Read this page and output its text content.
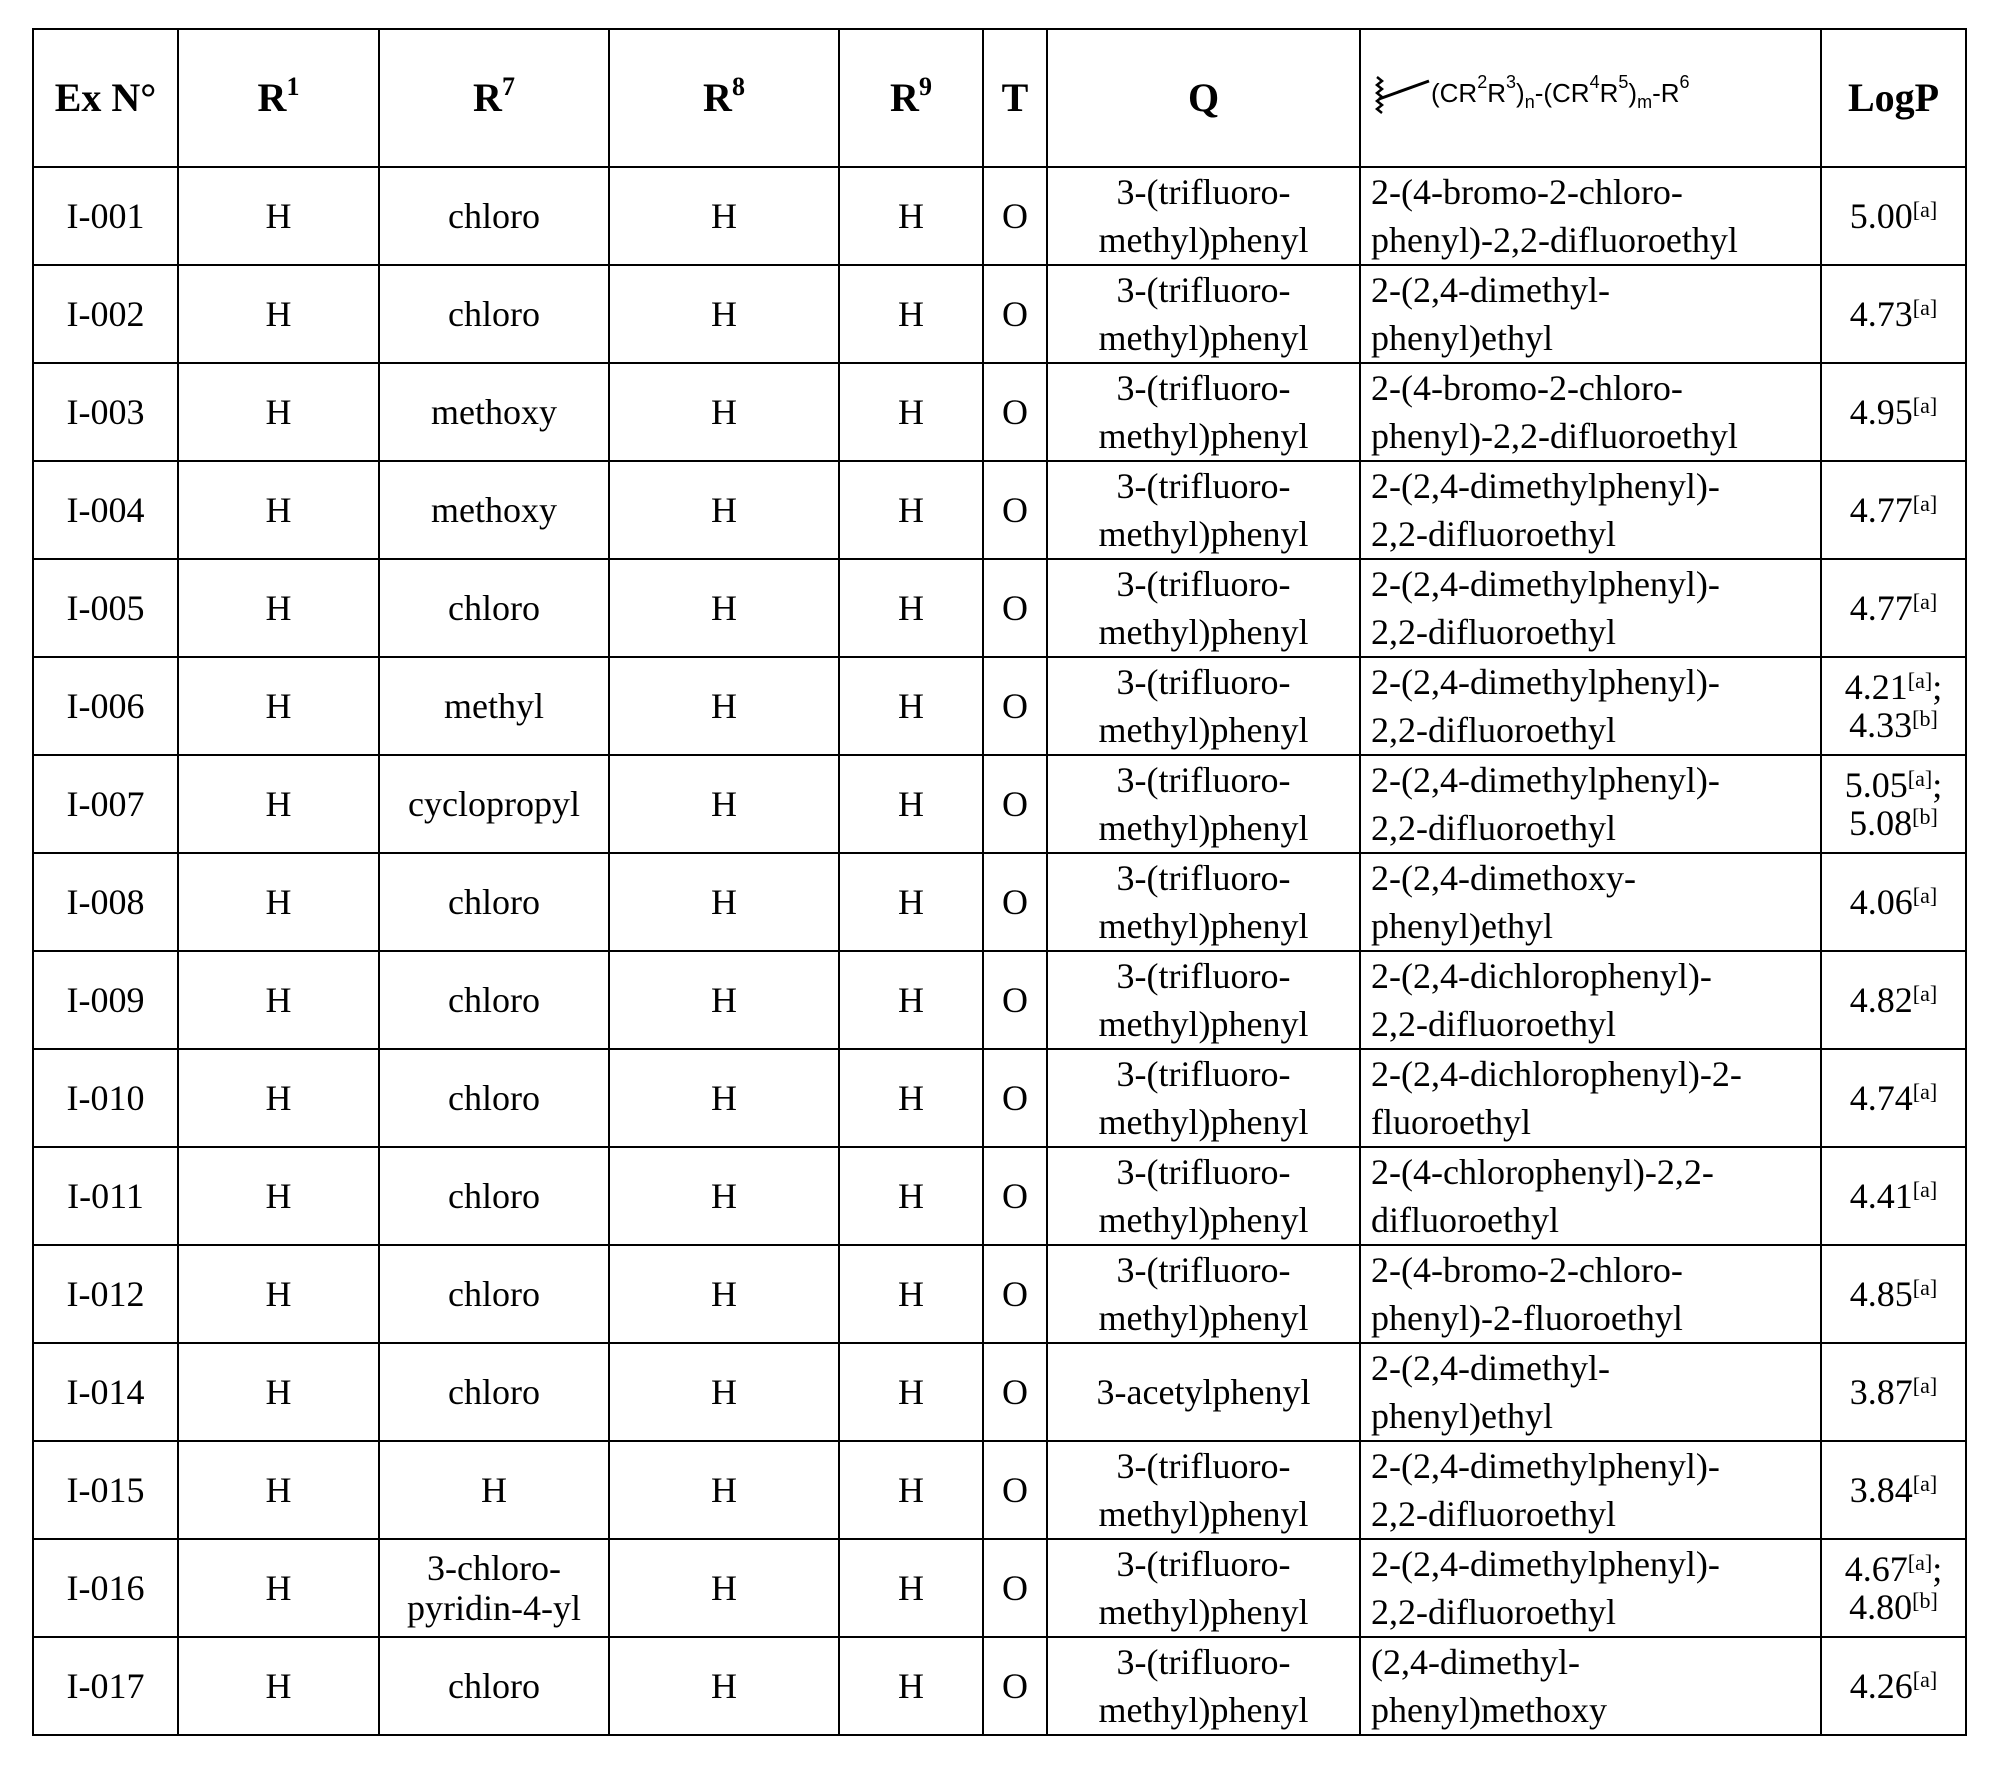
Ex N°	R1	R7	R8	R9	T	Q	(CR2R3)n-(CR4R5)m-R6	LogP
I-001	H	chloro	H	H	O	3-(trifluoro-
methyl)phenyl	2-(4-bromo-2-chloro-
phenyl)-2,2-difluoroethyl	5.00[a]
I-002	H	chloro	H	H	O	3-(trifluoro-
methyl)phenyl	2-(2,4-dimethyl-
phenyl)ethyl	4.73[a]
I-003	H	methoxy	H	H	O	3-(trifluoro-
methyl)phenyl	2-(4-bromo-2-chloro-
phenyl)-2,2-difluoroethyl	4.95[a]
I-004	H	methoxy	H	H	O	3-(trifluoro-
methyl)phenyl	2-(2,4-dimethylphenyl)-
2,2-difluoroethyl	4.77[a]
I-005	H	chloro	H	H	O	3-(trifluoro-
methyl)phenyl	2-(2,4-dimethylphenyl)-
2,2-difluoroethyl	4.77[a]
I-006	H	methyl	H	H	O	3-(trifluoro-
methyl)phenyl	2-(2,4-dimethylphenyl)-
2,2-difluoroethyl	4.21[a];
4.33[b]
I-007	H	cyclopropyl	H	H	O	3-(trifluoro-
methyl)phenyl	2-(2,4-dimethylphenyl)-
2,2-difluoroethyl	5.05[a];
5.08[b]
I-008	H	chloro	H	H	O	3-(trifluoro-
methyl)phenyl	2-(2,4-dimethoxy-
phenyl)ethyl	4.06[a]
I-009	H	chloro	H	H	O	3-(trifluoro-
methyl)phenyl	2-(2,4-dichlorophenyl)-
2,2-difluoroethyl	4.82[a]
I-010	H	chloro	H	H	O	3-(trifluoro-
methyl)phenyl	2-(2,4-dichlorophenyl)-2-
fluoroethyl	4.74[a]
I-011	H	chloro	H	H	O	3-(trifluoro-
methyl)phenyl	2-(4-chlorophenyl)-2,2-
difluoroethyl	4.41[a]
I-012	H	chloro	H	H	O	3-(trifluoro-
methyl)phenyl	2-(4-bromo-2-chloro-
phenyl)-2-fluoroethyl	4.85[a]
I-014	H	chloro	H	H	O	3-acetylphenyl	2-(2,4-dimethyl-
phenyl)ethyl	3.87[a]
I-015	H	H	H	H	O	3-(trifluoro-
methyl)phenyl	2-(2,4-dimethylphenyl)-
2,2-difluoroethyl	3.84[a]
I-016	H	3-chloro-
pyridin-4-yl	H	H	O	3-(trifluoro-
methyl)phenyl	2-(2,4-dimethylphenyl)-
2,2-difluoroethyl	4.67[a];
4.80[b]
I-017	H	chloro	H	H	O	3-(trifluoro-
methyl)phenyl	(2,4-dimethyl-
phenyl)methoxy	4.26[a]
